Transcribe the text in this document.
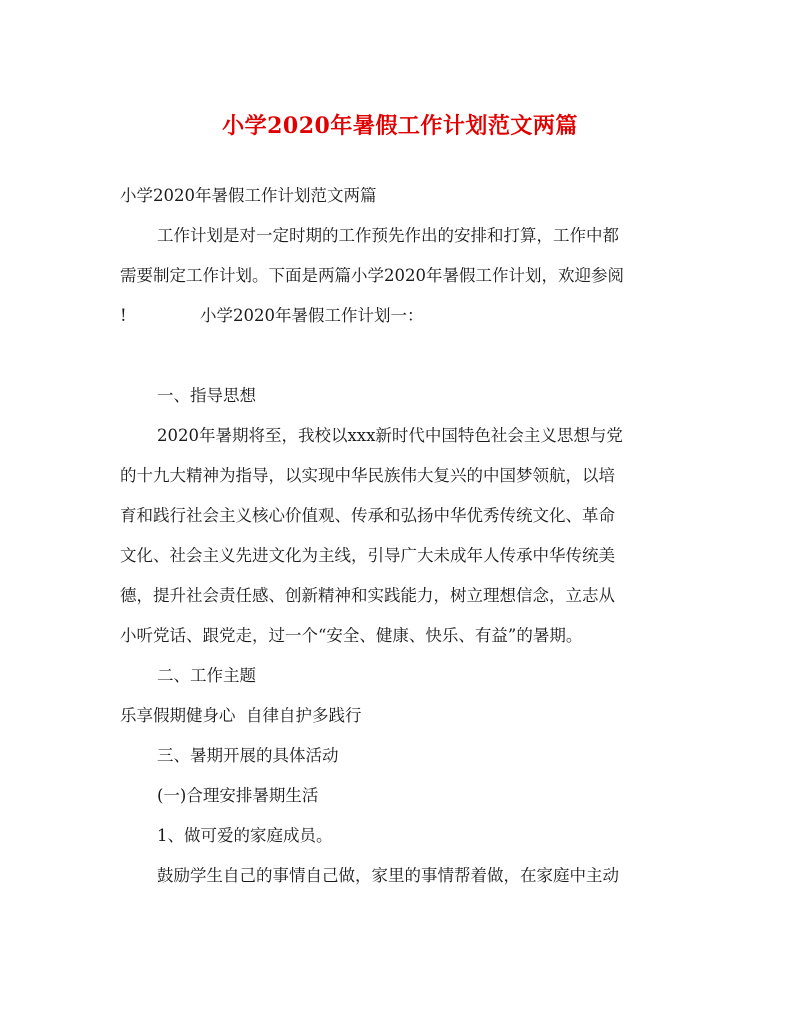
小学2020年暑假工作计划范文两篇
小学2020年暑假工作计划范文两篇
工作计划是对一定时期的工作预先作出的安排和打算，工作中都
需要制定工作计划。下面是两篇小学2020年暑假工作计划，欢迎参阅
!	小学2020年暑假工作计划一：
一、指导思想
2020年暑期将至，我校以xxx新时代中国特色社会主义思想与党
的十九大精神为指导，以实现中华民族伟大复兴的中国梦领航，以培
育和践行社会主义核心价值观、传承和弘扬中华优秀传统文化、革命
文化、社会主义先进文化为主线，引导广大未成年人传承中华传统美
德，提升社会责任感、创新精神和实践能力，树立理想信念，立志从
小听党话、跟党走，过一个“安全、健康、快乐、有益”的暑期。
二、工作主题
乐享假期健身心  自律自护多践行
三、暑期开展的具体活动
(一)合理安排暑期生活
1、做可爱的家庭成员。
鼓励学生自己的事情自己做，家里的事情帮着做，在家庭中主动
